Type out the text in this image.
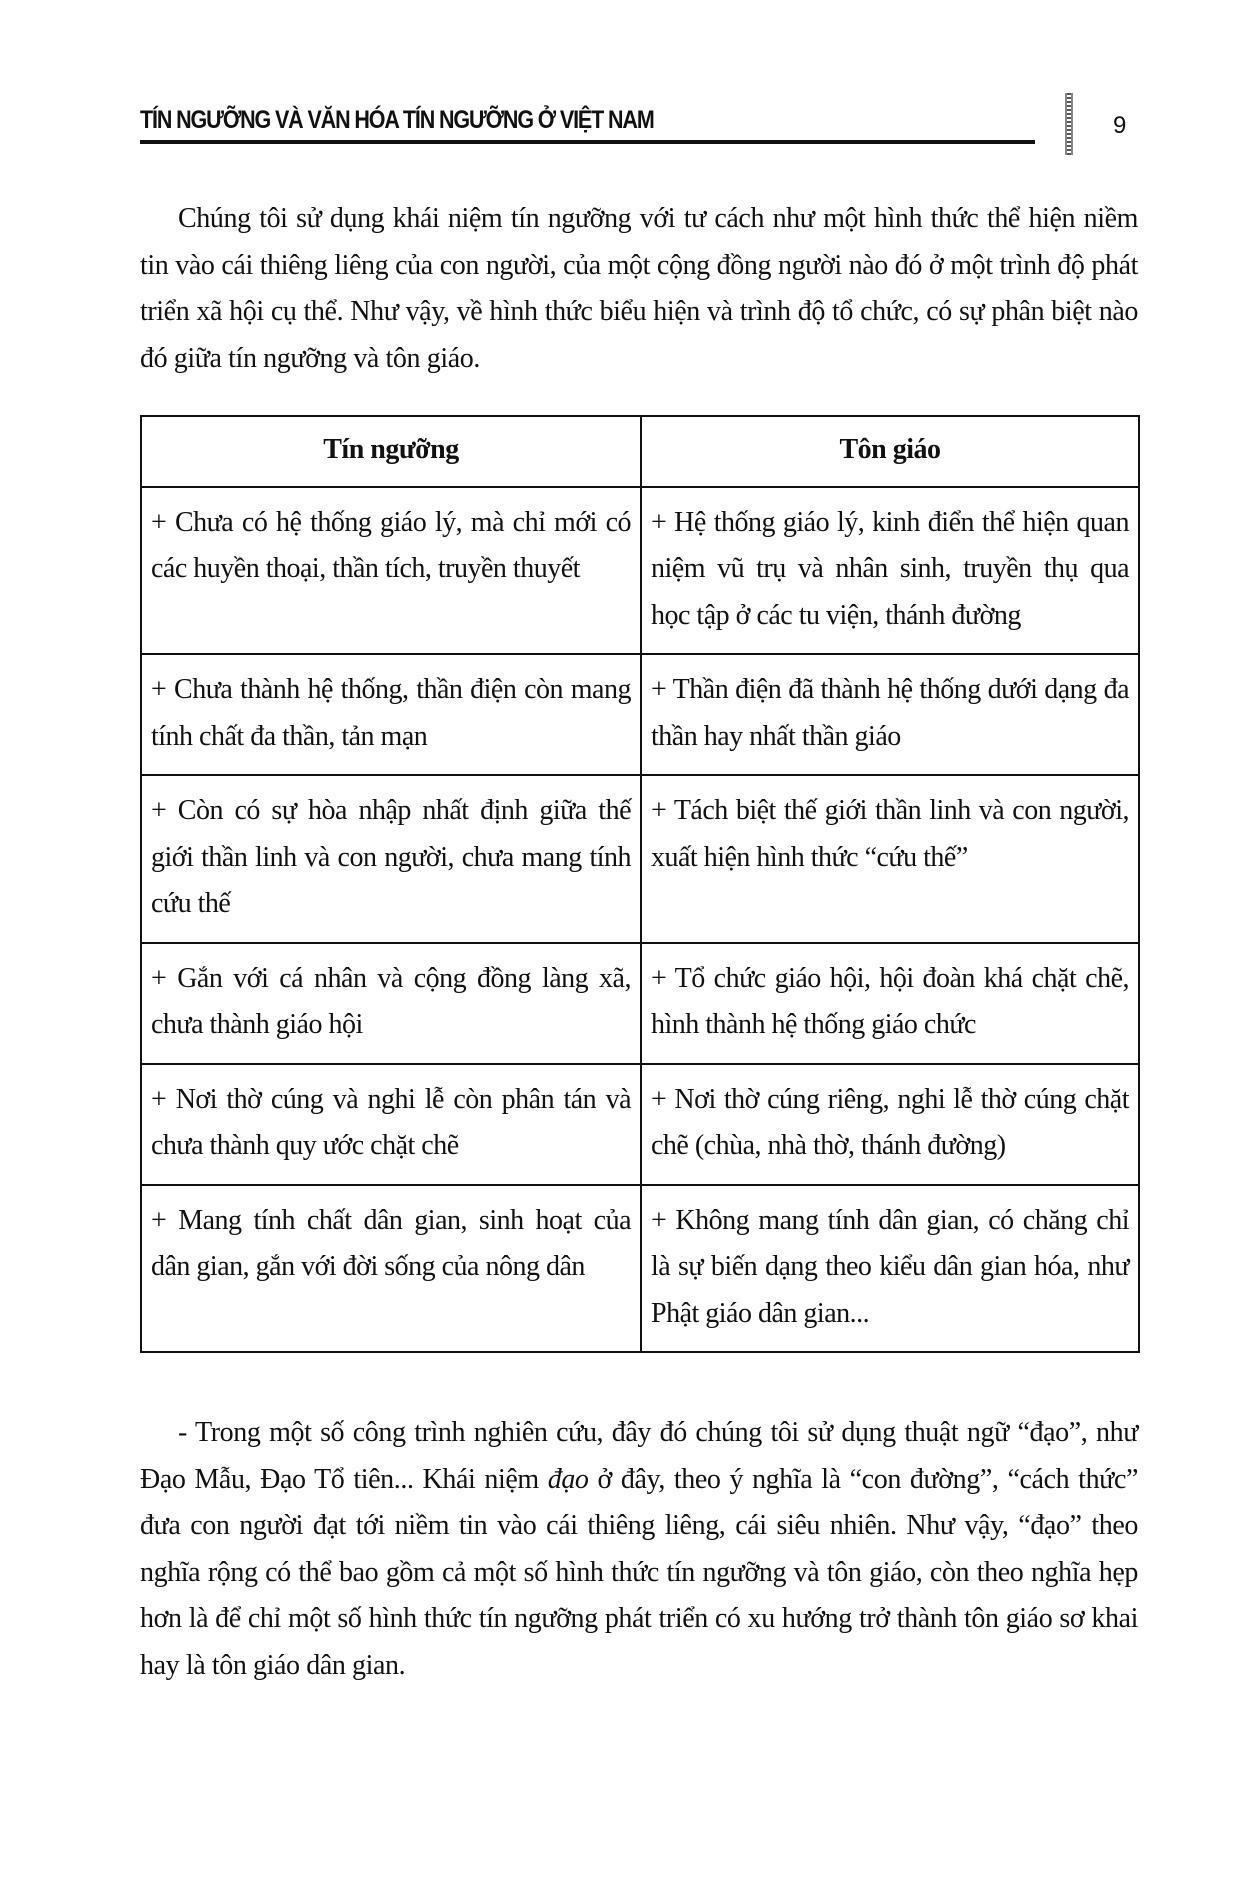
TÍN NGƯỠNG VÀ VĂN HÓA TÍN NGƯỠNG Ở VIỆT NAM	9

Chúng tôi sử dụng khái niệm tín ngưỡng với tư cách như một hình thức thể hiện niềm tin vào cái thiêng liêng của con người, của một cộng đồng người nào đó ở một trình độ phát triển xã hội cụ thể. Như vậy, về hình thức biểu hiện và trình độ tổ chức, có sự phân biệt nào đó giữa tín ngưỡng và tôn giáo.

Tín ngưỡng	Tôn giáo
+ Chưa có hệ thống giáo lý, mà chỉ mới có các huyền thoại, thần tích, truyền thuyết	+ Hệ thống giáo lý, kinh điển thể hiện quan niệm vũ trụ và nhân sinh, truyền thụ qua học tập ở các tu viện, thánh đường
+ Chưa thành hệ thống, thần điện còn mang tính chất đa thần, tản mạn	+ Thần điện đã thành hệ thống dưới dạng đa thần hay nhất thần giáo
+ Còn có sự hòa nhập nhất định giữa thế giới thần linh và con người, chưa mang tính cứu thế	+ Tách biệt thế giới thần linh và con người, xuất hiện hình thức “cứu thế”
+ Gắn với cá nhân và cộng đồng làng xã, chưa thành giáo hội	+ Tổ chức giáo hội, hội đoàn khá chặt chẽ, hình thành hệ thống giáo chức
+ Nơi thờ cúng và nghi lễ còn phân tán và chưa thành quy ước chặt chẽ	+ Nơi thờ cúng riêng, nghi lễ thờ cúng chặt chẽ (chùa, nhà thờ, thánh đường)
+ Mang tính chất dân gian, sinh hoạt của dân gian, gắn với đời sống của nông dân	+ Không mang tính dân gian, có chăng chỉ là sự biến dạng theo kiểu dân gian hóa, như Phật giáo dân gian...

- Trong một số công trình nghiên cứu, đây đó chúng tôi sử dụng thuật ngữ “đạo”, như Đạo Mẫu, Đạo Tổ tiên... Khái niệm đạo ở đây, theo ý nghĩa là “con đường”, “cách thức” đưa con người đạt tới niềm tin vào cái thiêng liêng, cái siêu nhiên. Như vậy, “đạo” theo nghĩa rộng có thể bao gồm cả một số hình thức tín ngưỡng và tôn giáo, còn theo nghĩa hẹp hơn là để chỉ một số hình thức tín ngưỡng phát triển có xu hướng trở thành tôn giáo sơ khai hay là tôn giáo dân gian.
